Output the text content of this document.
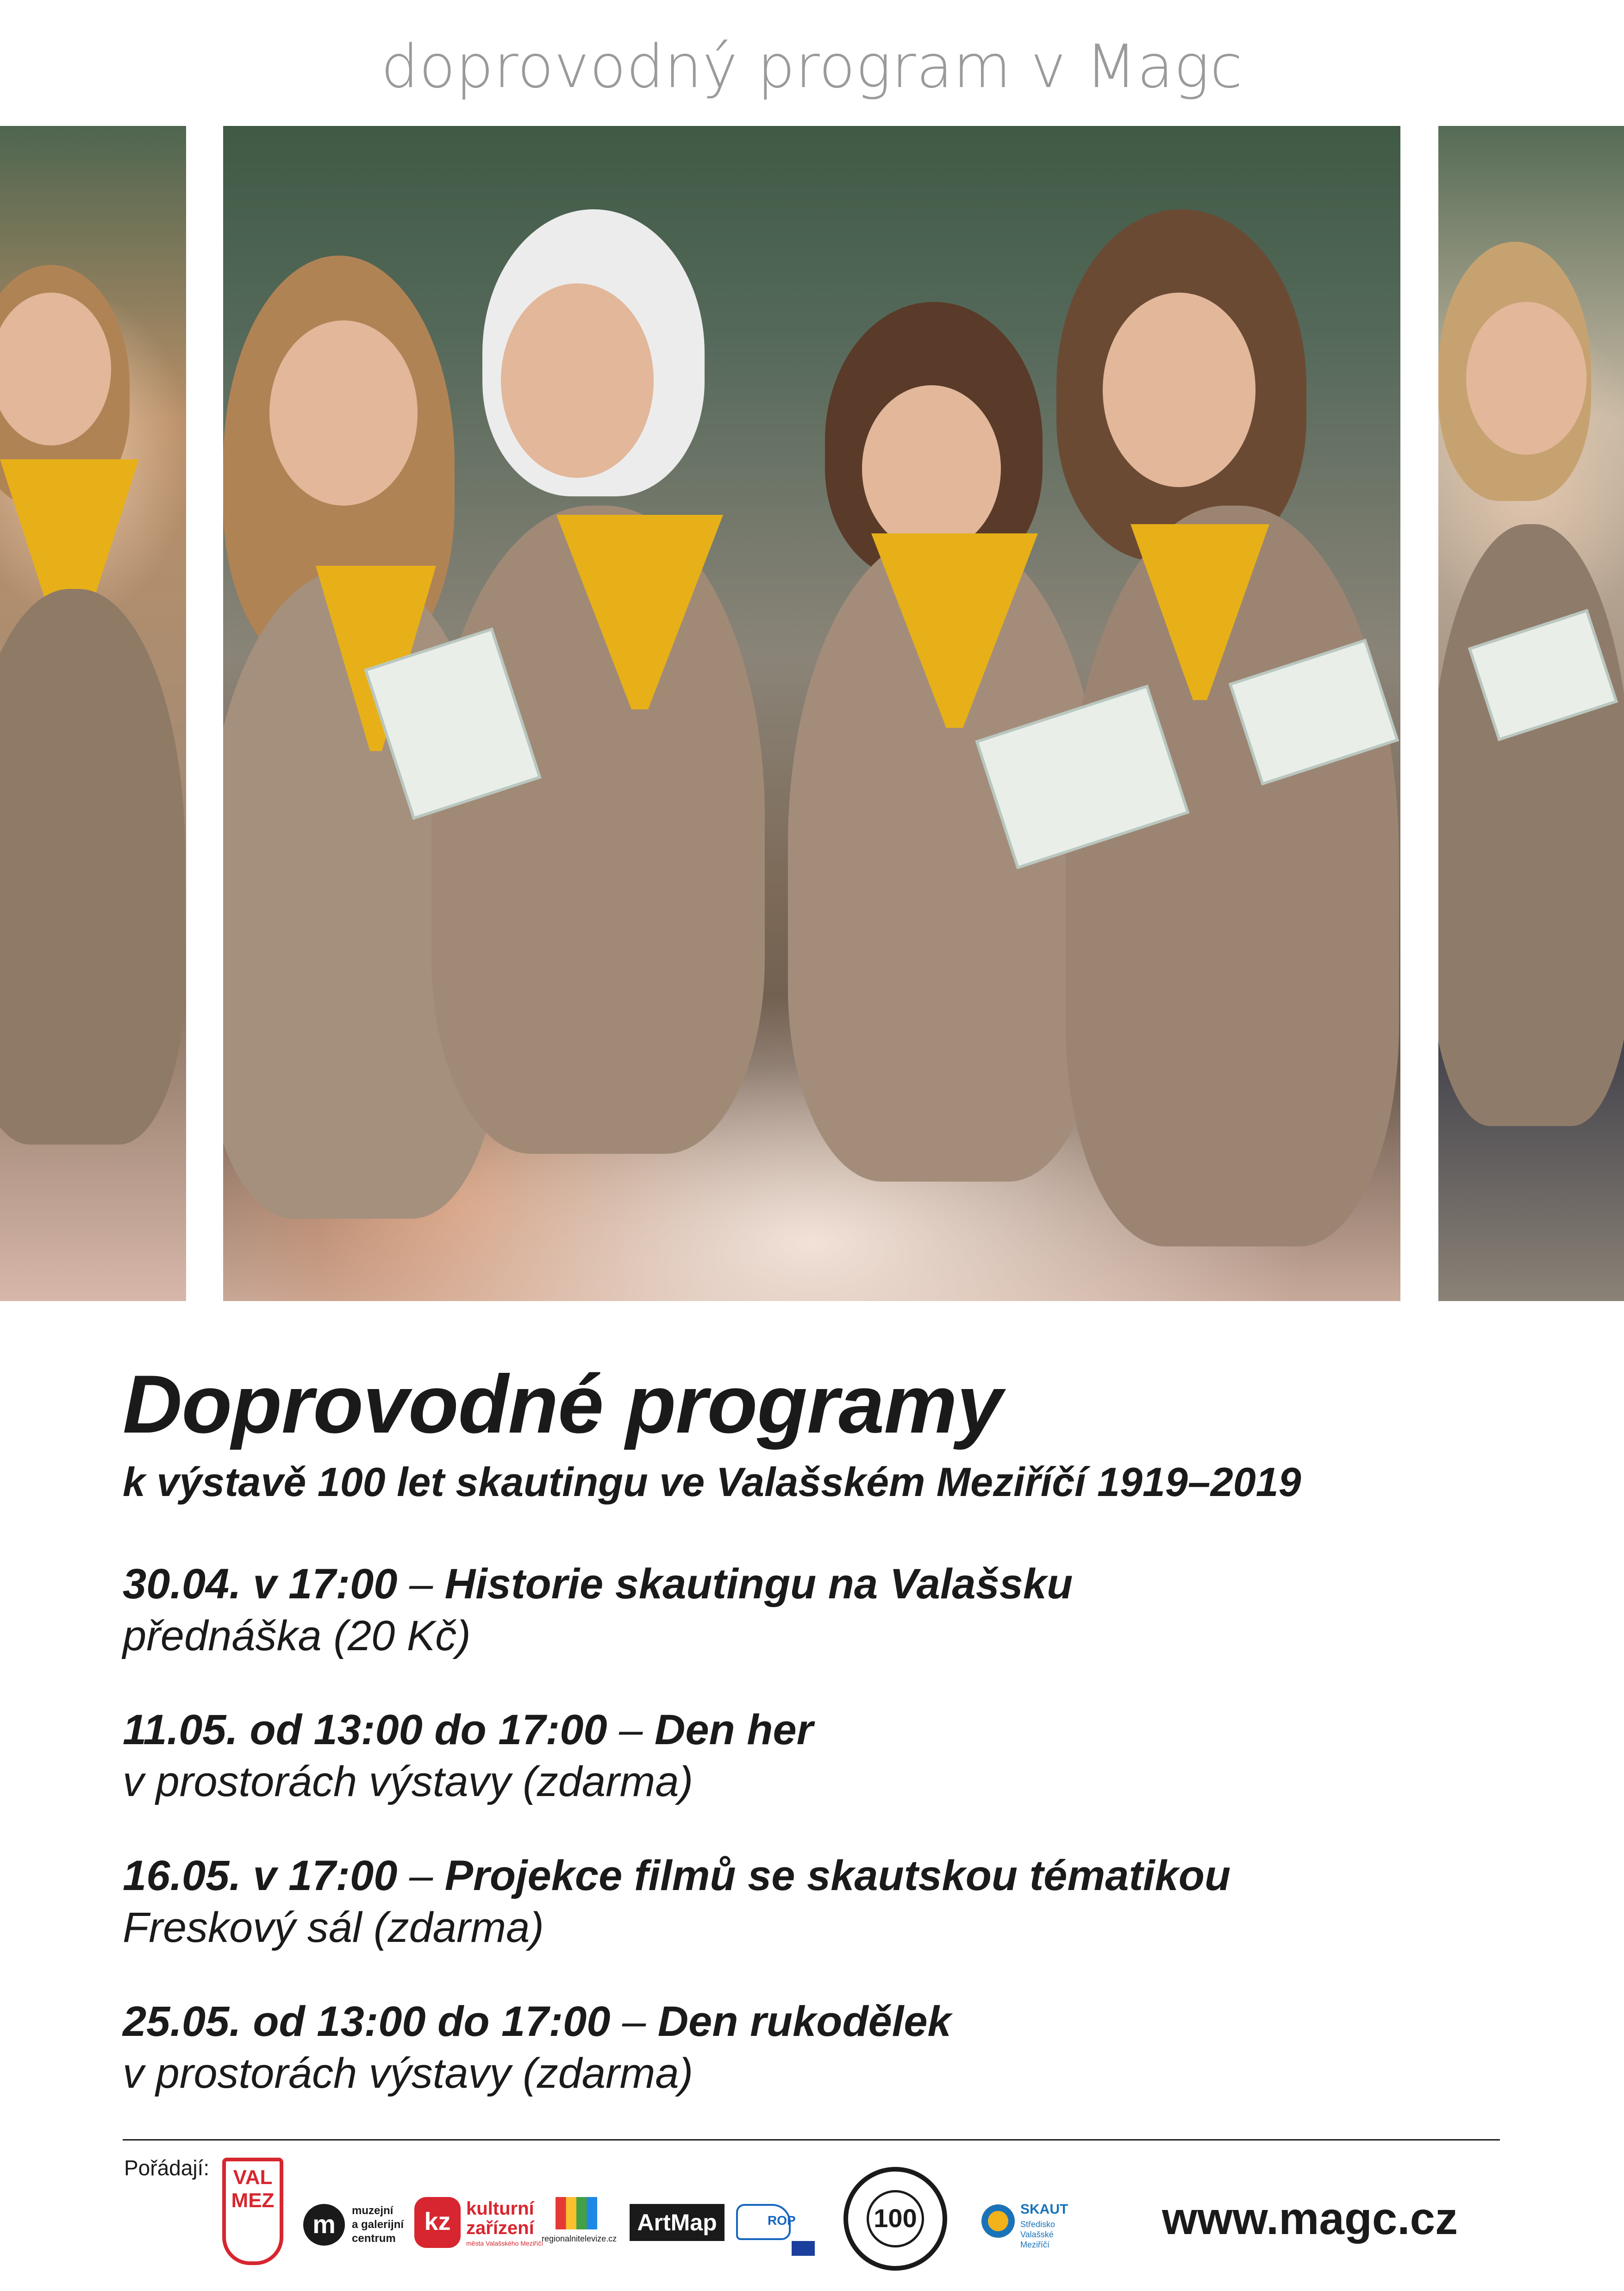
doprovodný program v Magc
Doprovodné programy
k výstavě 100 let skautingu ve Valašském Meziříčí 1919–2019
30.04. v 17:00 – Historie skautingu na Valašsku
přednáška (20 Kč)
11.05. od 13:00 do 17:00 – Den her
v prostorách výstavy (zdarma)
16.05. v 17:00 – Projekce filmů se skautskou tématikou
Freskový sál (zdarma)
25.05. od 13:00 do 17:00 – Den rukodělek
v prostorách výstavy (zdarma)
Pořádají:	VAL MEZ
m	muzejní
a galerijní
centrum
kz kulturní
zařízení
města Valašského Meziříčí
regionalnitelevize.cz
ArtMap	ROP	100	SKAUT
Středisko
Valašské Meziříčí
www.magc.cz
